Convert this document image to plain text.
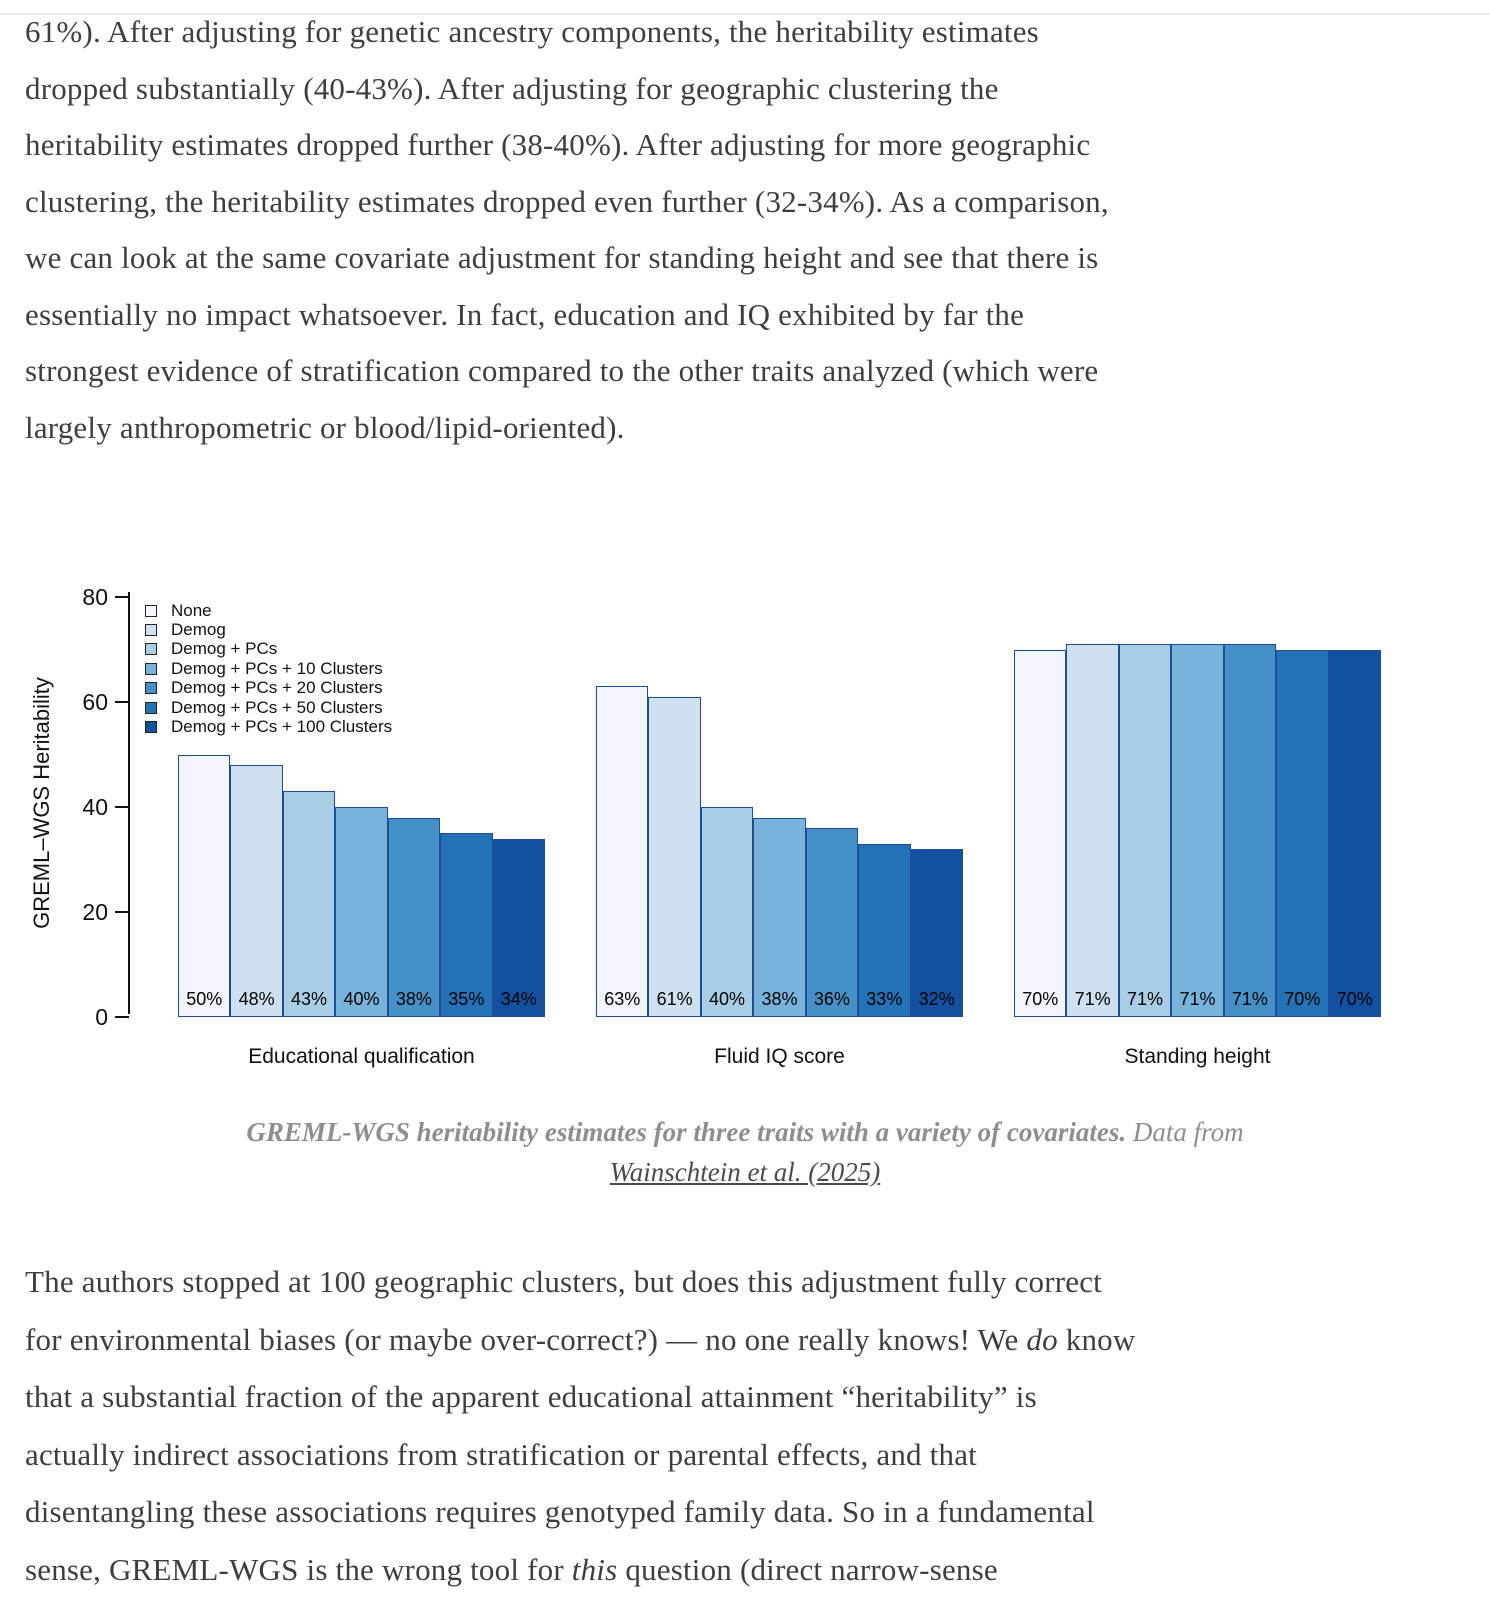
61%). After adjusting for genetic ancestry components, the heritability estimates
dropped substantially (40-43%). After adjusting for geographic clustering the
heritability estimates dropped further (38-40%). After adjusting for more geographic
clustering, the heritability estimates dropped even further (32-34%). As a comparison,
we can look at the same covariate adjustment for standing height and see that there is
essentially no impact whatsoever. In fact, education and IQ exhibited by far the
strongest evidence of stratification compared to the other traits analyzed (which were
largely anthropometric or blood/lipid-oriented).
GREML–WGS Heritability
0
20
40
60
80
None
Demog
Demog + PCs
Demog + PCs + 10 Clusters
Demog + PCs + 20 Clusters
Demog + PCs + 50 Clusters
Demog + PCs + 100 Clusters
50% 48% 43% 40% 38% 35% 34%
Educational qualification
63% 61% 40% 38% 36% 33% 32%
Fluid IQ score
70% 71% 71% 71% 71% 70% 70%
Standing height
GREML-WGS heritability estimates for three traits with a variety of covariates. Data from
Wainschtein et al. (2025)
The authors stopped at 100 geographic clusters, but does this adjustment fully correct
for environmental biases (or maybe over-correct?) — no one really knows! We do know
that a substantial fraction of the apparent educational attainment “heritability” is
actually indirect associations from stratification or parental effects, and that
disentangling these associations requires genotyped family data. So in a fundamental
sense, GREML-WGS is the wrong tool for this question (direct narrow-sense
